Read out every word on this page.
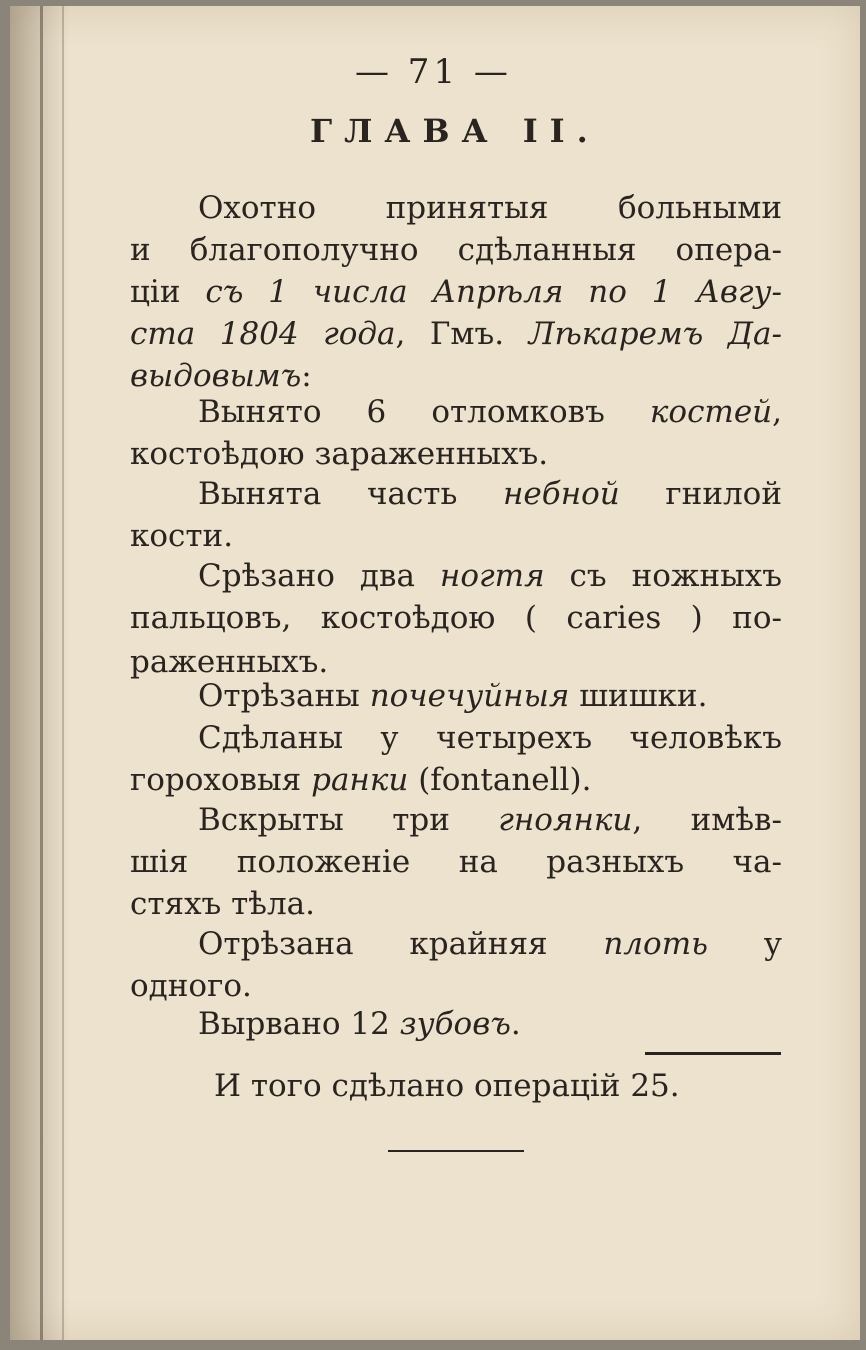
— 71 —
ГЛАВА II.
Охотно принятыя больными
и благополучно сдѣланныя опера-
ціи съ 1 числа Апрѣля по 1 Авгу-
ста 1804 года, Гмъ. Лѣкаремъ Да-
выдовымъ:
Вынято 6 отломковъ костей,
костоѣдою зараженныхъ.
Вынята часть небной гнилой
кости.
Срѣзано два ногтя съ ножныхъ
пальцовъ, костоѣдою ( caries ) по-
раженныхъ.
Отрѣзаны почечуйныя шишки.
Сдѣланы у четырехъ человѣкъ
гороховыя ранки (fontanell).
Вскрыты три гноянки, имѣв-
шія положеніе на разныхъ ча-
стяхъ тѣла.
Отрѣзана крайняя плоть у
одного.
Вырвано 12 зубовъ.
И того сдѣлано операцій 25.
